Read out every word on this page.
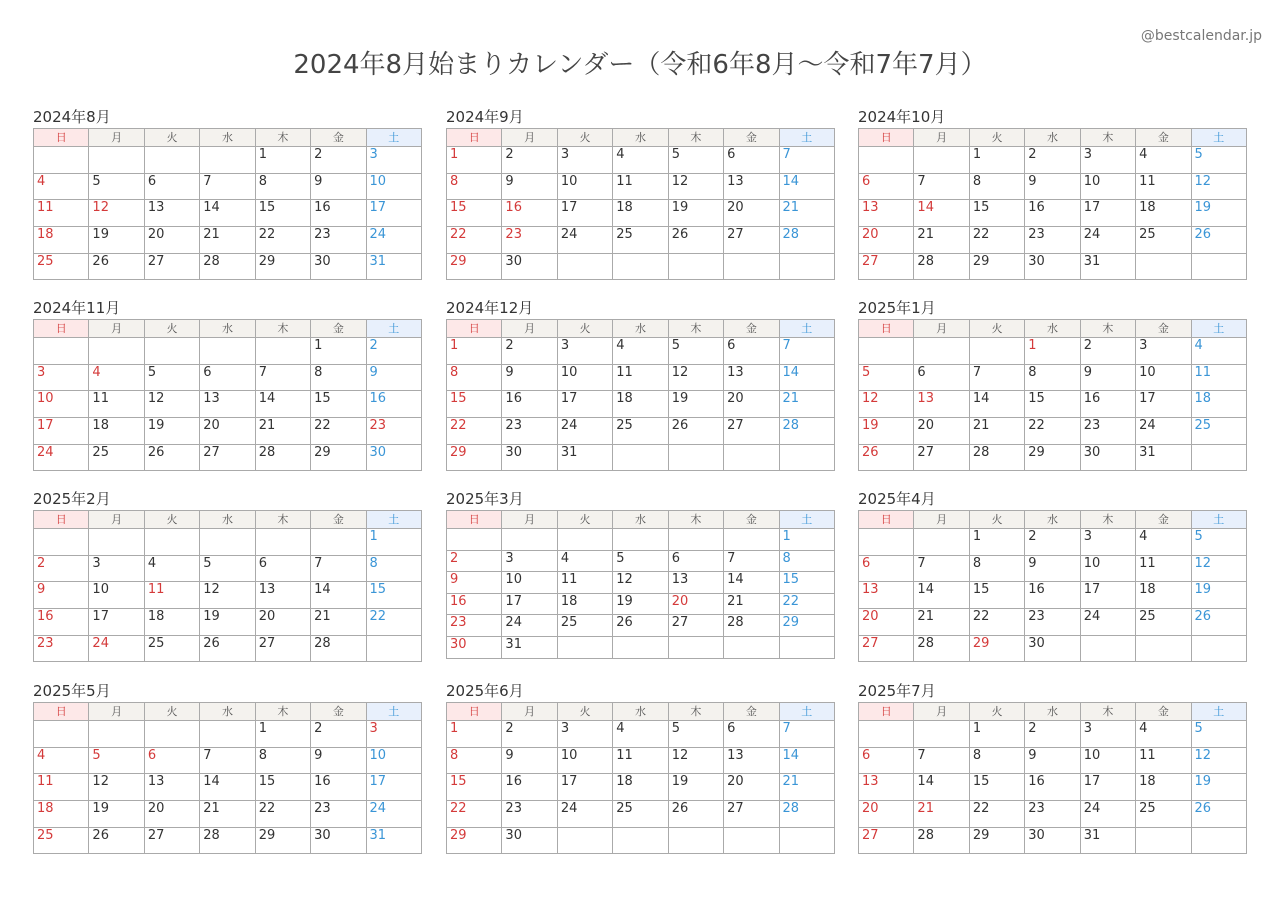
2024年8月始まりカレンダー（令和6年8月〜令和7年7月）
@bestcalendar.jp
2024年8月
日	月	火	水	木	金	土
				1	2	3
4	5	6	7	8	9	10
11	12	13	14	15	16	17
18	19	20	21	22	23	24
25	26	27	28	29	30	31
2024年9月
日	月	火	水	木	金	土
1	2	3	4	5	6	7
8	9	10	11	12	13	14
15	16	17	18	19	20	21
22	23	24	25	26	27	28
29	30					
2024年10月
日	月	火	水	木	金	土
		1	2	3	4	5
6	7	8	9	10	11	12
13	14	15	16	17	18	19
20	21	22	23	24	25	26
27	28	29	30	31		
2024年11月
日	月	火	水	木	金	土
					1	2
3	4	5	6	7	8	9
10	11	12	13	14	15	16
17	18	19	20	21	22	23
24	25	26	27	28	29	30
2024年12月
日	月	火	水	木	金	土
1	2	3	4	5	6	7
8	9	10	11	12	13	14
15	16	17	18	19	20	21
22	23	24	25	26	27	28
29	30	31				
2025年1月
日	月	火	水	木	金	土
			1	2	3	4
5	6	7	8	9	10	11
12	13	14	15	16	17	18
19	20	21	22	23	24	25
26	27	28	29	30	31	
2025年2月
日	月	火	水	木	金	土
						1
2	3	4	5	6	7	8
9	10	11	12	13	14	15
16	17	18	19	20	21	22
23	24	25	26	27	28	
2025年3月
日	月	火	水	木	金	土
						1
2	3	4	5	6	7	8
9	10	11	12	13	14	15
16	17	18	19	20	21	22
23	24	25	26	27	28	29
30	31					
2025年4月
日	月	火	水	木	金	土
		1	2	3	4	5
6	7	8	9	10	11	12
13	14	15	16	17	18	19
20	21	22	23	24	25	26
27	28	29	30			
2025年5月
日	月	火	水	木	金	土
				1	2	3
4	5	6	7	8	9	10
11	12	13	14	15	16	17
18	19	20	21	22	23	24
25	26	27	28	29	30	31
2025年6月
日	月	火	水	木	金	土
1	2	3	4	5	6	7
8	9	10	11	12	13	14
15	16	17	18	19	20	21
22	23	24	25	26	27	28
29	30					
2025年7月
日	月	火	水	木	金	土
		1	2	3	4	5
6	7	8	9	10	11	12
13	14	15	16	17	18	19
20	21	22	23	24	25	26
27	28	29	30	31		
